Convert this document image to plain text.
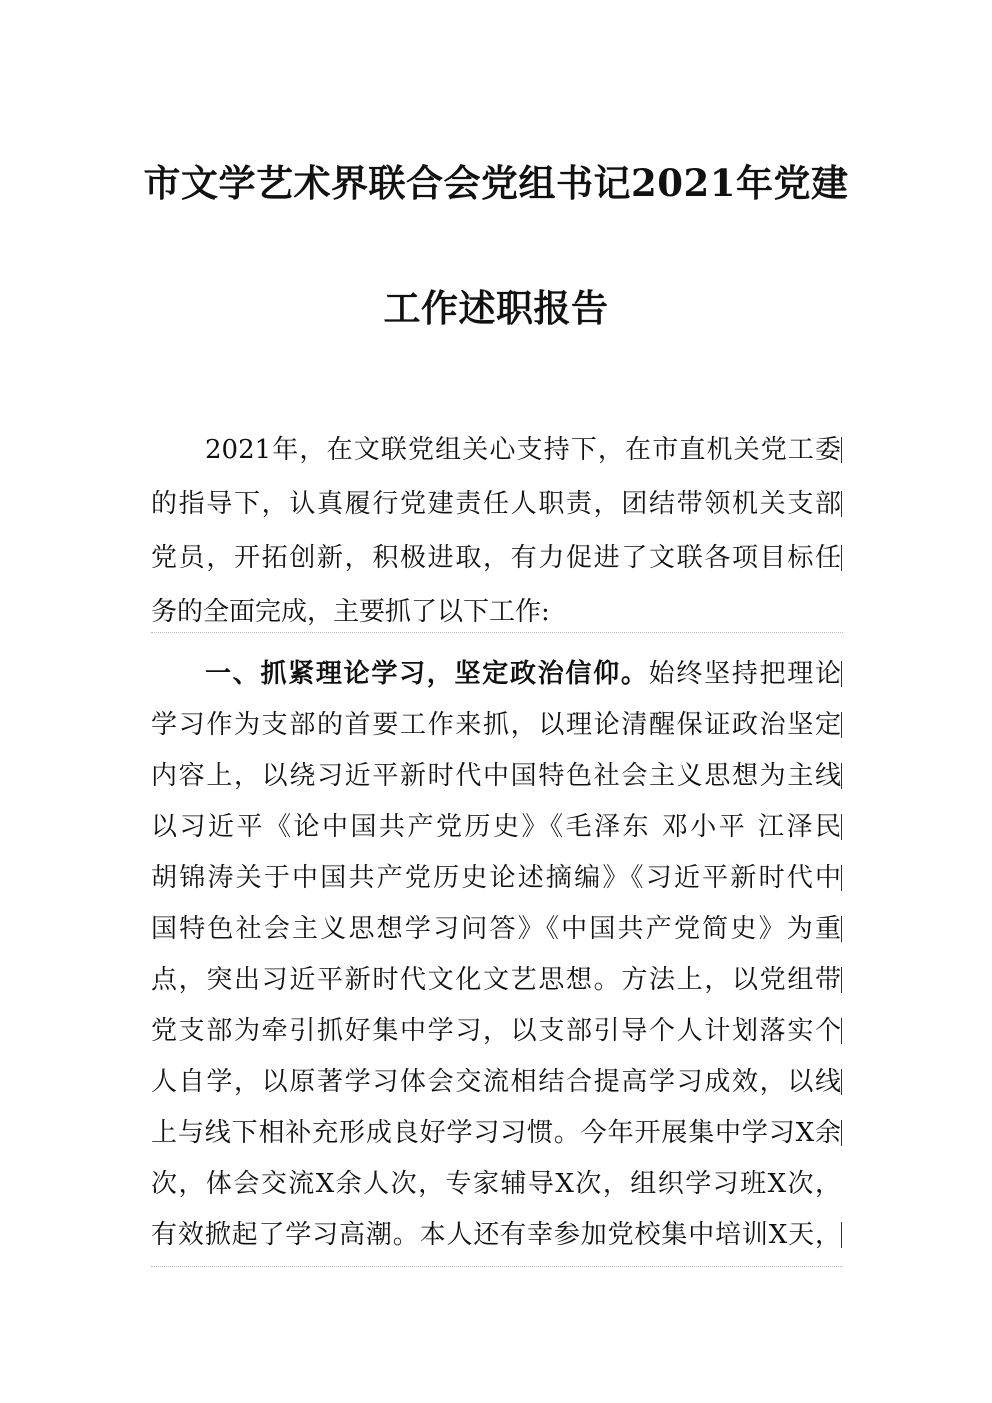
市文学艺术界联合会党组书记2021年党建
工作述职报告
2021年，在文联党组关心支持下，在市直机关党工委
的指导下，认真履行党建责任人职责，团结带领机关支部
党员，开拓创新，积极进取，有力促进了文联各项目标任
务的全面完成，主要抓了以下工作:
一、抓紧理论学习，坚定政治信仰。始终坚持把理论
学习作为支部的首要工作来抓，以理论清醒保证政治坚定
内容上，以绕习近平新时代中国特色社会主义思想为主线
以习近平《论中国共产党历史》《毛泽东 邓小平 江泽民
胡锦涛关于中国共产党历史论述摘编》《习近平新时代中
国特色社会主义思想学习问答》《中国共产党简史》为重
点，突出习近平新时代文化文艺思想。方法上，以党组带
党支部为牵引抓好集中学习，以支部引导个人计划落实个
人自学，以原著学习体会交流相结合提高学习成效，以线
上与线下相补充形成良好学习习惯。今年开展集中学习X余
次，体会交流X余人次，专家辅导X次，组织学习班X次，
有效掀起了学习高潮。本人还有幸参加党校集中培训X天，
